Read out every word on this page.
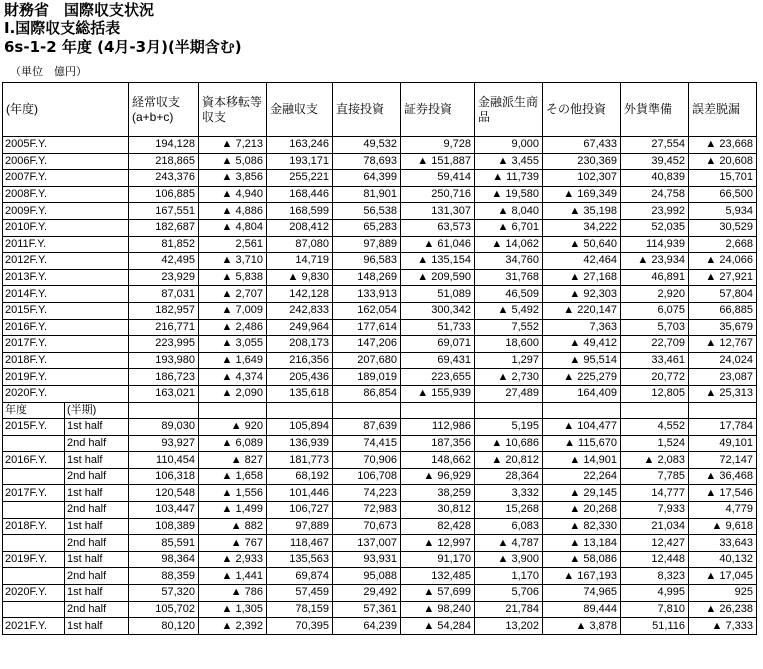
財務省　国際収支状況
Ⅰ.国際収支総括表
6s-1-2 年度 (4月-3月)(半期含む)
（単位　億円）
(年度)		経常収支(a+b+c)	資本移転等収支	金融収支	直接投資	証券投資	金融派生商品	その他投資	外貨準備	誤差脱漏
2005F.Y.		194,128	▲ 7,213	163,246	49,532	9,728	9,000	67,433	27,554	▲ 23,668
2006F.Y.		218,865	▲ 5,086	193,171	78,693	▲ 151,887	▲ 3,455	230,369	39,452	▲ 20,608
2007F.Y.		243,376	▲ 3,856	255,221	64,399	59,414	▲ 11,739	102,307	40,839	15,701
2008F.Y.		106,885	▲ 4,940	168,446	81,901	250,716	▲ 19,580	▲ 169,349	24,758	66,500
2009F.Y.		167,551	▲ 4,886	168,599	56,538	131,307	▲ 8,040	▲ 35,198	23,992	5,934
2010F.Y.		182,687	▲ 4,804	208,412	65,283	63,573	▲ 6,701	34,222	52,035	30,529
2011F.Y.		81,852	2,561	87,080	97,889	▲ 61,046	▲ 14,062	▲ 50,640	114,939	2,668
2012F.Y.		42,495	▲ 3,710	14,719	96,583	▲ 135,154	34,760	42,464	▲ 23,934	▲ 24,066
2013F.Y.		23,929	▲ 5,838	▲ 9,830	148,269	▲ 209,590	31,768	▲ 27,168	46,891	▲ 27,921
2014F.Y.		87,031	▲ 2,707	142,128	133,913	51,089	46,509	▲ 92,303	2,920	57,804
2015F.Y.		182,957	▲ 7,009	242,833	162,054	300,342	▲ 5,492	▲ 220,147	6,075	66,885
2016F.Y.		216,771	▲ 2,486	249,964	177,614	51,733	7,552	7,363	5,703	35,679
2017F.Y.		223,995	▲ 3,055	208,173	147,206	69,071	18,600	▲ 49,412	22,709	▲ 12,767
2018F.Y.		193,980	▲ 1,649	216,356	207,680	69,431	1,297	▲ 95,514	33,461	24,024
2019F.Y.		186,723	▲ 4,374	205,436	189,019	223,655	▲ 2,730	▲ 225,279	20,772	23,087
2020F.Y.		163,021	▲ 2,090	135,618	86,854	▲ 155,939	27,489	164,409	12,805	▲ 25,313
年度	(半期)									
2015F.Y.	1st half	89,030	▲ 920	105,894	87,639	112,986	5,195	▲ 104,477	4,552	17,784
	2nd half	93,927	▲ 6,089	136,939	74,415	187,356	▲ 10,686	▲ 115,670	1,524	49,101
2016F.Y.	1st half	110,454	▲ 827	181,773	70,906	148,662	▲ 20,812	▲ 14,901	▲ 2,083	72,147
	2nd half	106,318	▲ 1,658	68,192	106,708	▲ 96,929	28,364	22,264	7,785	▲ 36,468
2017F.Y.	1st half	120,548	▲ 1,556	101,446	74,223	38,259	3,332	▲ 29,145	14,777	▲ 17,546
	2nd half	103,447	▲ 1,499	106,727	72,983	30,812	15,268	▲ 20,268	7,933	4,779
2018F.Y.	1st half	108,389	▲ 882	97,889	70,673	82,428	6,083	▲ 82,330	21,034	▲ 9,618
	2nd half	85,591	▲ 767	118,467	137,007	▲ 12,997	▲ 4,787	▲ 13,184	12,427	33,643
2019F.Y.	1st half	98,364	▲ 2,933	135,563	93,931	91,170	▲ 3,900	▲ 58,086	12,448	40,132
	2nd half	88,359	▲ 1,441	69,874	95,088	132,485	1,170	▲ 167,193	8,323	▲ 17,045
2020F.Y.	1st half	57,320	▲ 786	57,459	29,492	▲ 57,699	5,706	74,965	4,995	925
	2nd half	105,702	▲ 1,305	78,159	57,361	▲ 98,240	21,784	89,444	7,810	▲ 26,238
2021F.Y.	1st half	80,120	▲ 2,392	70,395	64,239	▲ 54,284	13,202	▲ 3,878	51,116	▲ 7,333
